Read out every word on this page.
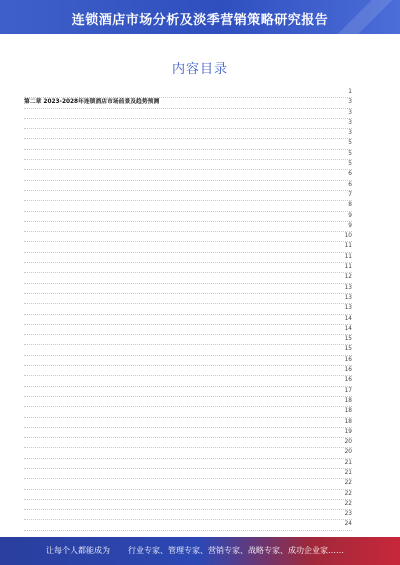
连锁酒店市场分析及淡季营销策略研究报告
内容目录
1
第二章 2023-2028年连锁酒店市场前景及趋势预测	3
3
3
3
5
5
5
6
6
7
8
9
9
10
11
11
11
12
13
13
13
14
14
15
15
16
16
16
17
18
18
18
19
20
20
21
21
22
22
22
23
24
让每个人都能成为 行业专家、管理专家、营销专家、战略专家、成功企业家……
